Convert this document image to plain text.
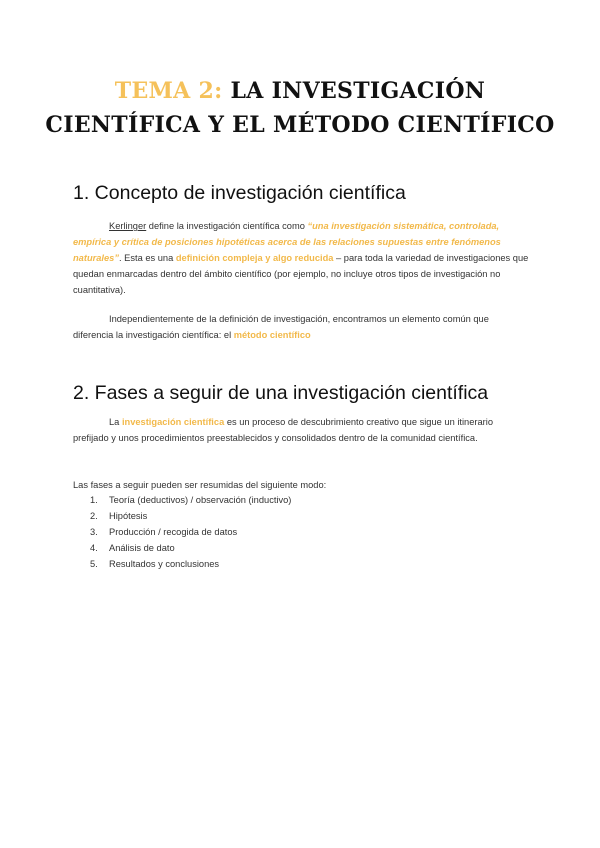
TEMA 2: LA INVESTIGACIÓN
CIENTÍFICA Y EL MÉTODO CIENTÍFICO
1. Concepto de investigación científica
Kerlinger define la investigación científica como “una investigación sistemática, controlada, empírica y crítica de posiciones hipotéticas acerca de las relaciones supuestas entre fenómenos naturales”. Esta es una definición compleja y algo reducida – para toda la variedad de investigaciones que quedan enmarcadas dentro del ámbito científico (por ejemplo, no incluye otros tipos de investigación no cuantitativa).
Independientemente de la definición de investigación, encontramos un elemento común que diferencia la investigación científica: el método científico
2. Fases a seguir de una investigación científica
La investigación científica es un proceso de descubrimiento creativo que sigue un itinerario prefijado y unos procedimientos preestablecidos y consolidados dentro de la comunidad científica.
Las fases a seguir pueden ser resumidas del siguiente modo:
1. Teoría (deductivos) / observación (inductivo)
2. Hipótesis
3. Producción / recogida de datos
4. Análisis de dato
5. Resultados y conclusiones
